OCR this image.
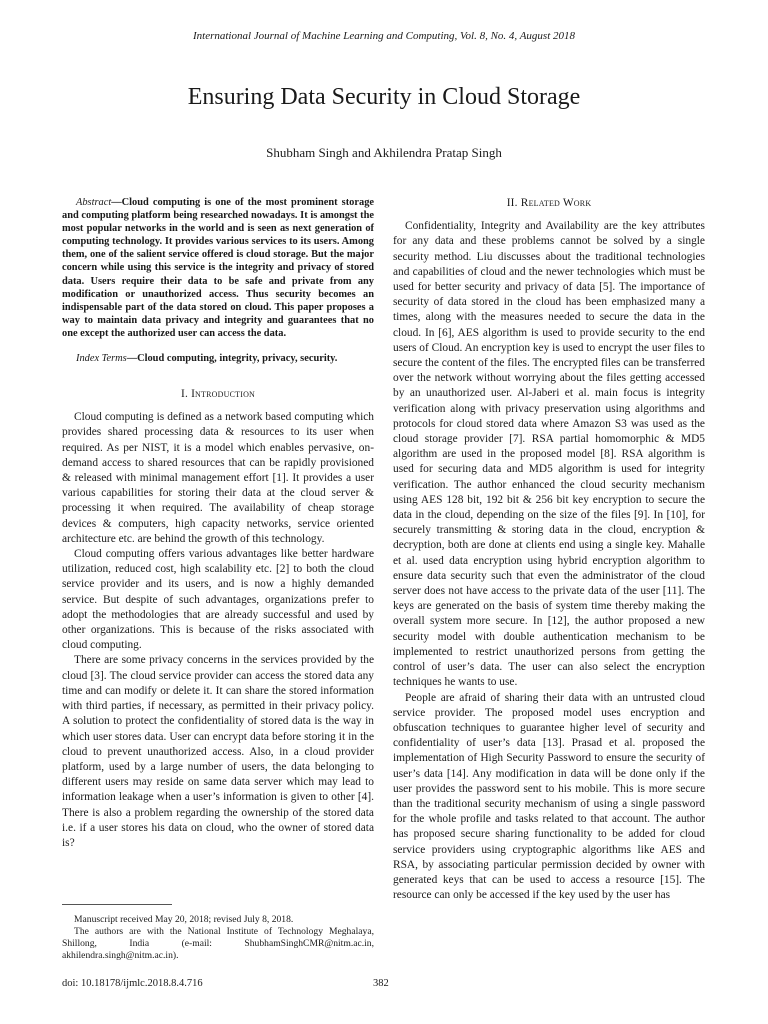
International Journal of Machine Learning and Computing, Vol. 8, No. 4, August 2018
Ensuring Data Security in Cloud Storage
Shubham Singh and Akhilendra Pratap Singh

Abstract—Cloud computing is one of the most prominent storage and computing platform being researched nowadays. It is amongst the most popular networks in the world and is seen as next generation of computing technology. It provides various services to its users. Among them, one of the salient service offered is cloud storage. But the major concern while using this service is the integrity and privacy of stored data. Users require their data to be safe and private from any modification or unauthorized access. Thus security becomes an indispensable part of the data stored on cloud. This paper proposes a way to maintain data privacy and integrity and guarantees that no one except the authorized user can access the data.

Index Terms—Cloud computing, integrity, privacy, security.

I. Introduction

Cloud computing is defined as a network based computing which provides shared processing data & resources to its user when required. As per NIST, it is a model which enables pervasive, on-demand access to shared resources that can be rapidly provisioned & released with minimal management effort [1]. It provides a user various capabilities for storing their data at the cloud server & processing it when required. The availability of cheap storage devices & computers, high capacity networks, service oriented architecture etc. are behind the growth of this technology.

Cloud computing offers various advantages like better hardware utilization, reduced cost, high scalability etc. [2] to both the cloud service provider and its users, and is now a highly demanded service. But despite of such advantages, organizations prefer to adopt the methodologies that are already successful and used by other organizations. This is because of the risks associated with cloud computing.

There are some privacy concerns in the services provided by the cloud [3]. The cloud service provider can access the stored data any time and can modify or delete it. It can share the stored information with third parties, if necessary, as permitted in their privacy policy. A solution to protect the confidentiality of stored data is the way in which user stores data. User can encrypt data before storing it in the cloud to prevent unauthorized access. Also, in a cloud provider platform, used by a large number of users, the data belonging to different users may reside on same data server which may lead to information leakage when a user’s information is given to other [4]. There is also a problem regarding the ownership of the stored data i.e. if a user stores his data on cloud, who the owner of stored data is?

II. Related Work

Confidentiality, Integrity and Availability are the key attributes for any data and these problems cannot be solved by a single security method. Liu discusses about the traditional technologies and capabilities of cloud and the newer technologies which must be used for better security and privacy of data [5]. The importance of security of data stored in the cloud has been emphasized many a times, along with the measures needed to secure the data in the cloud. In [6], AES algorithm is used to provide security to the end users of Cloud. An encryption key is used to encrypt the user files to secure the content of the files. The encrypted files can be transferred over the network without worrying about the files getting accessed by an unauthorized user. Al-Jaberi et al. main focus is integrity verification along with privacy preservation using algorithms and protocols for cloud stored data where Amazon S3 was used as the cloud storage provider [7]. RSA partial homomorphic & MD5 algorithm are used in the proposed model [8]. RSA algorithm is used for securing data and MD5 algorithm is used for integrity verification. The author enhanced the cloud security mechanism using AES 128 bit, 192 bit & 256 bit key encryption to secure the data in the cloud, depending on the size of the files [9]. In [10], for securely transmitting & storing data in the cloud, encryption & decryption, both are done at clients end using a single key. Mahalle et al. used data encryption using hybrid encryption algorithm to ensure data security such that even the administrator of the cloud server does not have access to the private data of the user [11]. The keys are generated on the basis of system time thereby making the overall system more secure. In [12], the author proposed a new security model with double authentication mechanism to be implemented to restrict unauthorized persons from getting the control of user’s data. The user can also select the encryption techniques he wants to use.

People are afraid of sharing their data with an untrusted cloud service provider. The proposed model uses encryption and obfuscation techniques to guarantee higher level of security and confidentiality of user’s data [13]. Prasad et al. proposed the implementation of High Security Password to ensure the security of user’s data [14]. Any modification in data will be done only if the user provides the password sent to his mobile. This is more secure than the traditional security mechanism of using a single password for the whole profile and tasks related to that account. The author has proposed secure sharing functionality to be added for cloud service providers using cryptographic algorithms like AES and RSA, by associating particular permission decided by owner with generated keys that can be used to access a resource [15]. The resource can only be accessed if the key used by the user has

Manuscript received May 20, 2018; revised July 8, 2018.

The authors are with the National Institute of Technology Meghalaya, Shillong, India (e-mail: ShubhamSinghCMR@nitm.ac.in, akhilendra.singh@nitm.ac.in).

doi: 10.18178/ijmlc.2018.8.4.716	382
